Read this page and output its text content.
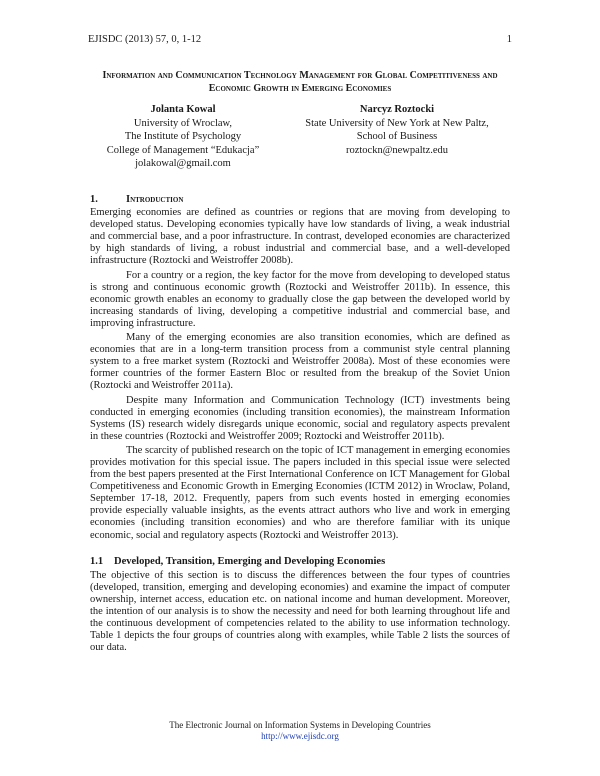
EJISDC (2013) 57, 0, 1-12	1
Information and Communication Technology Management for Global Competitiveness and Economic Growth in Emerging Economies
Jolanta Kowal
University of Wroclaw,
The Institute of Psychology
College of Management “Edukacja”
jolakowal@gmail.com
Narcyz Roztocki
State University of New York at New Paltz,
School of Business
roztockn@newpaltz.edu
1.	Introduction

Emerging economies are defined as countries or regions that are moving from developing to developed status. Developing economies typically have low standards of living, a weak industrial and commercial base, and a poor infrastructure. In contrast, developed economies are characterized by high standards of living, a robust industrial and commercial base, and a well-developed infrastructure (Roztocki and Weistroffer 2008b).

For a country or a region, the key factor for the move from developing to developed status is strong and continuous economic growth (Roztocki and Weistroffer 2011b). In essence, this economic growth enables an economy to gradually close the gap between the developed world by increasing standards of living, developing a competitive industrial and commercial base, and improving infrastructure.

Many of the emerging economies are also transition economies, which are defined as economies that are in a long-term transition process from a communist style central planning system to a free market system (Roztocki and Weistroffer 2008a). Most of these economies were former countries of the former Eastern Bloc or resulted from the breakup of the Soviet Union (Roztocki and Weistroffer 2011a).

Despite many Information and Communication Technology (ICT) investments being conducted in emerging economies (including transition economies), the mainstream Information Systems (IS) research widely disregards unique economic, social and regulatory aspects prevalent in these countries (Roztocki and Weistroffer 2009; Roztocki and Weistroffer 2011b).

The scarcity of published research on the topic of ICT management in emerging economies provides motivation for this special issue. The papers included in this special issue were selected from the best papers presented at the First International Conference on ICT Management for Global Competitiveness and Economic Growth in Emerging Economies (ICTM 2012) in Wroclaw, Poland, September 17-18, 2012. Frequently, papers from such events hosted in emerging economies provide especially valuable insights, as the events attract authors who live and work in emerging economies (including transition economies) and who are therefore familiar with its unique economic, social and regulatory aspects (Roztocki and Weistroffer 2013).

1.1	Developed, Transition, Emerging and Developing Economies

The objective of this section is to discuss the differences between the four types of countries (developed, transition, emerging and developing economies) and examine the impact of computer ownership, internet access, education etc. on national income and human development. Moreover, the intention of our analysis is to show the necessity and need for both learning throughout life and the continuous development of competencies related to the ability to use information technology. Table 1 depicts the four groups of countries along with examples, while Table 2 lists the sources of our data.

The Electronic Journal on Information Systems in Developing Countries
http://www.ejisdc.org
